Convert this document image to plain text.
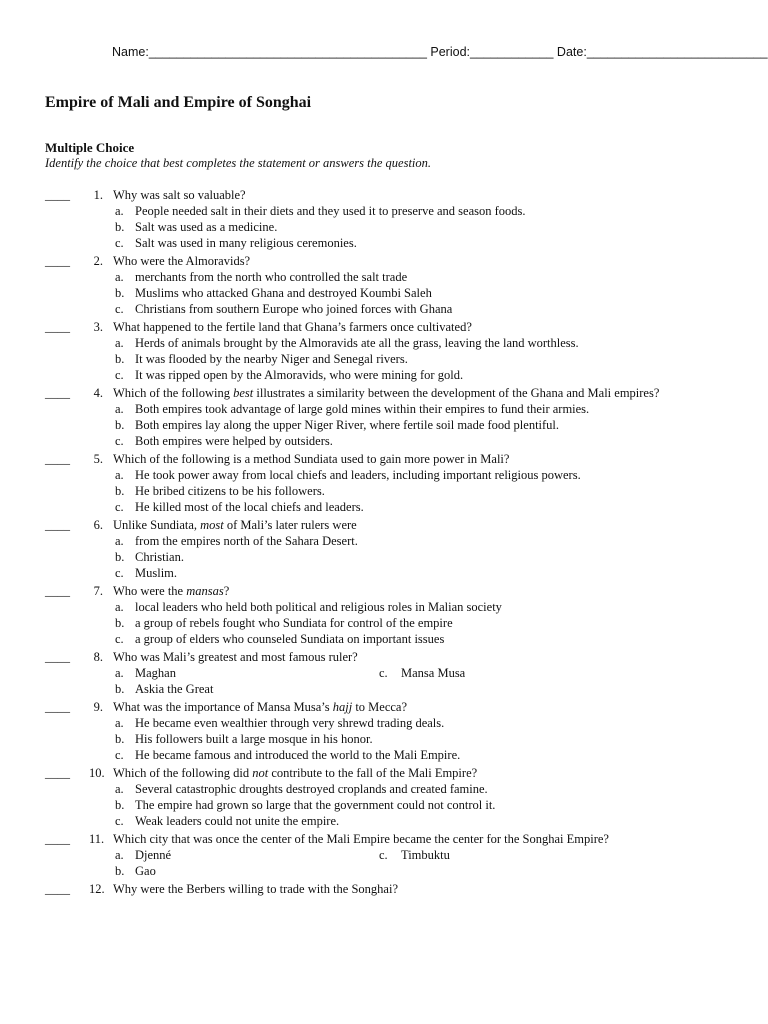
Name:________________________________________ Period:____________ Date:__________________________
Empire of Mali and Empire of Songhai
Multiple Choice
Identify the choice that best completes the statement or answers the question.
____	1. Why was salt so valuable?
a. People needed salt in their diets and they used it to preserve and season foods.
b. Salt was used as a medicine.
c. Salt was used in many religious ceremonies.
____	2. Who were the Almoravids?
a. merchants from the north who controlled the salt trade
b. Muslims who attacked Ghana and destroyed Koumbi Saleh
c. Christians from southern Europe who joined forces with Ghana
____	3. What happened to the fertile land that Ghana’s farmers once cultivated?
a. Herds of animals brought by the Almoravids ate all the grass, leaving the land worthless.
b. It was flooded by the nearby Niger and Senegal rivers.
c. It was ripped open by the Almoravids, who were mining for gold.
____	4. Which of the following best illustrates a similarity between the development of the Ghana and Mali empires?
a. Both empires took advantage of large gold mines within their empires to fund their armies.
b. Both empires lay along the upper Niger River, where fertile soil made food plentiful.
c. Both empires were helped by outsiders.
____	5. Which of the following is a method Sundiata used to gain more power in Mali?
a. He took power away from local chiefs and leaders, including important religious powers.
b. He bribed citizens to be his followers.
c. He killed most of the local chiefs and leaders.
____	6. Unlike Sundiata, most of Mali’s later rulers were
a. from the empires north of the Sahara Desert.
b. Christian.
c. Muslim.
____	7. Who were the mansas?
a. local leaders who held both political and religious roles in Malian society
b. a group of rebels fought who Sundiata for control of the empire
c. a group of elders who counseled Sundiata on important issues
____	8. Who was Mali’s greatest and most famous ruler?
a. Maghan	c. Mansa Musa
b. Askia the Great
____	9. What was the importance of Mansa Musa’s hajj to Mecca?
a. He became even wealthier through very shrewd trading deals.
b. His followers built a large mosque in his honor.
c. He became famous and introduced the world to the Mali Empire.
____ 10. Which of the following did not contribute to the fall of the Mali Empire?
a. Several catastrophic droughts destroyed croplands and created famine.
b. The empire had grown so large that the government could not control it.
c. Weak leaders could not unite the empire.
____ 11. Which city that was once the center of the Mali Empire became the center for the Songhai Empire?
a. Djenné	c. Timbuktu
b. Gao
____ 12. Why were the Berbers willing to trade with the Songhai?
